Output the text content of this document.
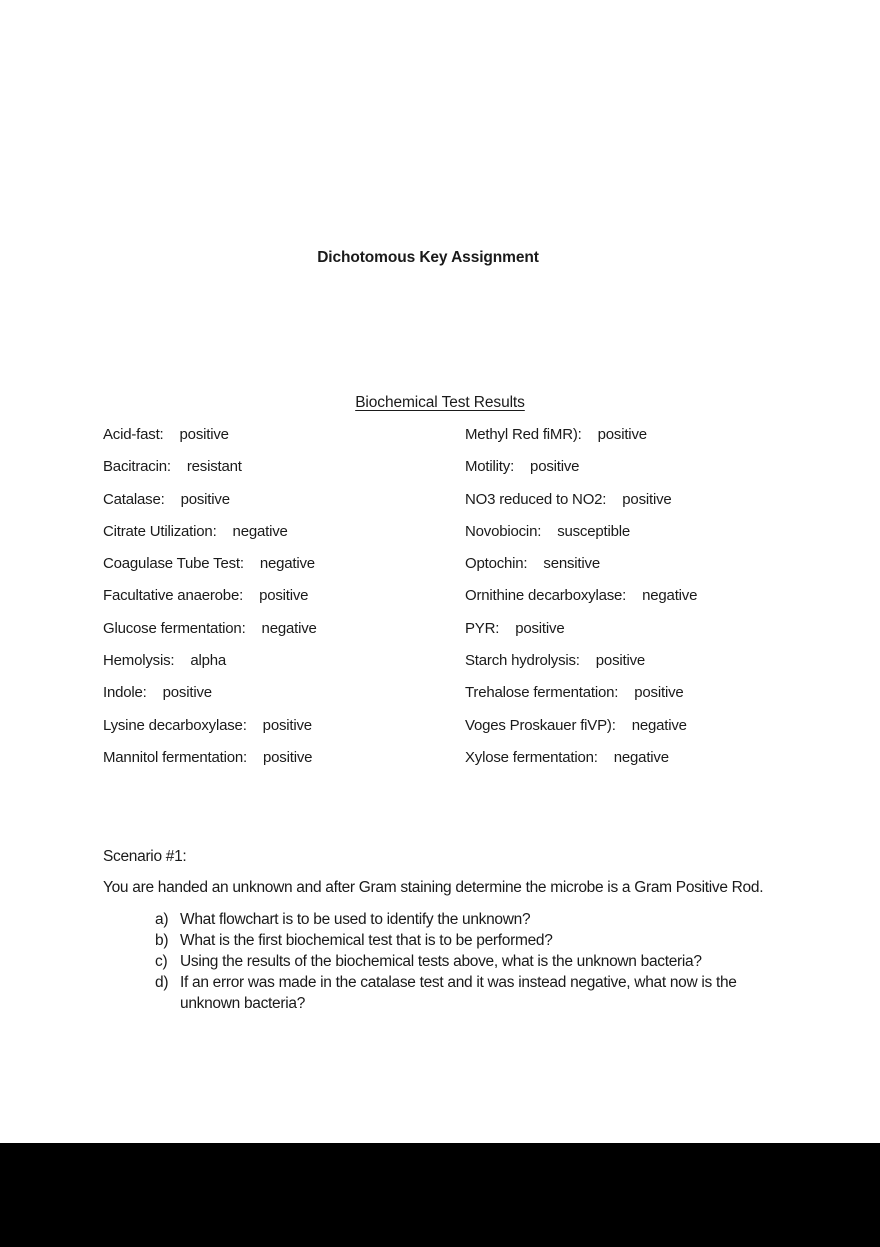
Dichotomous Key Assignment
Biochemical Test Results
Acid-fast: positive
Bacitracin: resistant
Catalase: positive
Citrate Utilization: negative
Coagulase Tube Test: negative
Facultative anaerobe: positive
Glucose fermentation: negative
Hemolysis: alpha
Indole: positive
Lysine decarboxylase: positive
Mannitol fermentation: positive
Methyl Red fiMR): positive
Motility: positive
NO3 reduced to NO2: positive
Novobiocin: susceptible
Optochin: sensitive
Ornithine decarboxylase: negative
PYR: positive
Starch hydrolysis: positive
Trehalose fermentation: positive
Voges Proskauer fiVP): negative
Xylose fermentation: negative
Scenario #1:
You are handed an unknown and after Gram staining determine the microbe is a Gram Positive Rod.
a) What flowchart is to be used to identify the unknown?
b) What is the first biochemical test that is to be performed?
c) Using the results of the biochemical tests above, what is the unknown bacteria?
d) If an error was made in the catalase test and it was instead negative, what now is the unknown bacteria?
